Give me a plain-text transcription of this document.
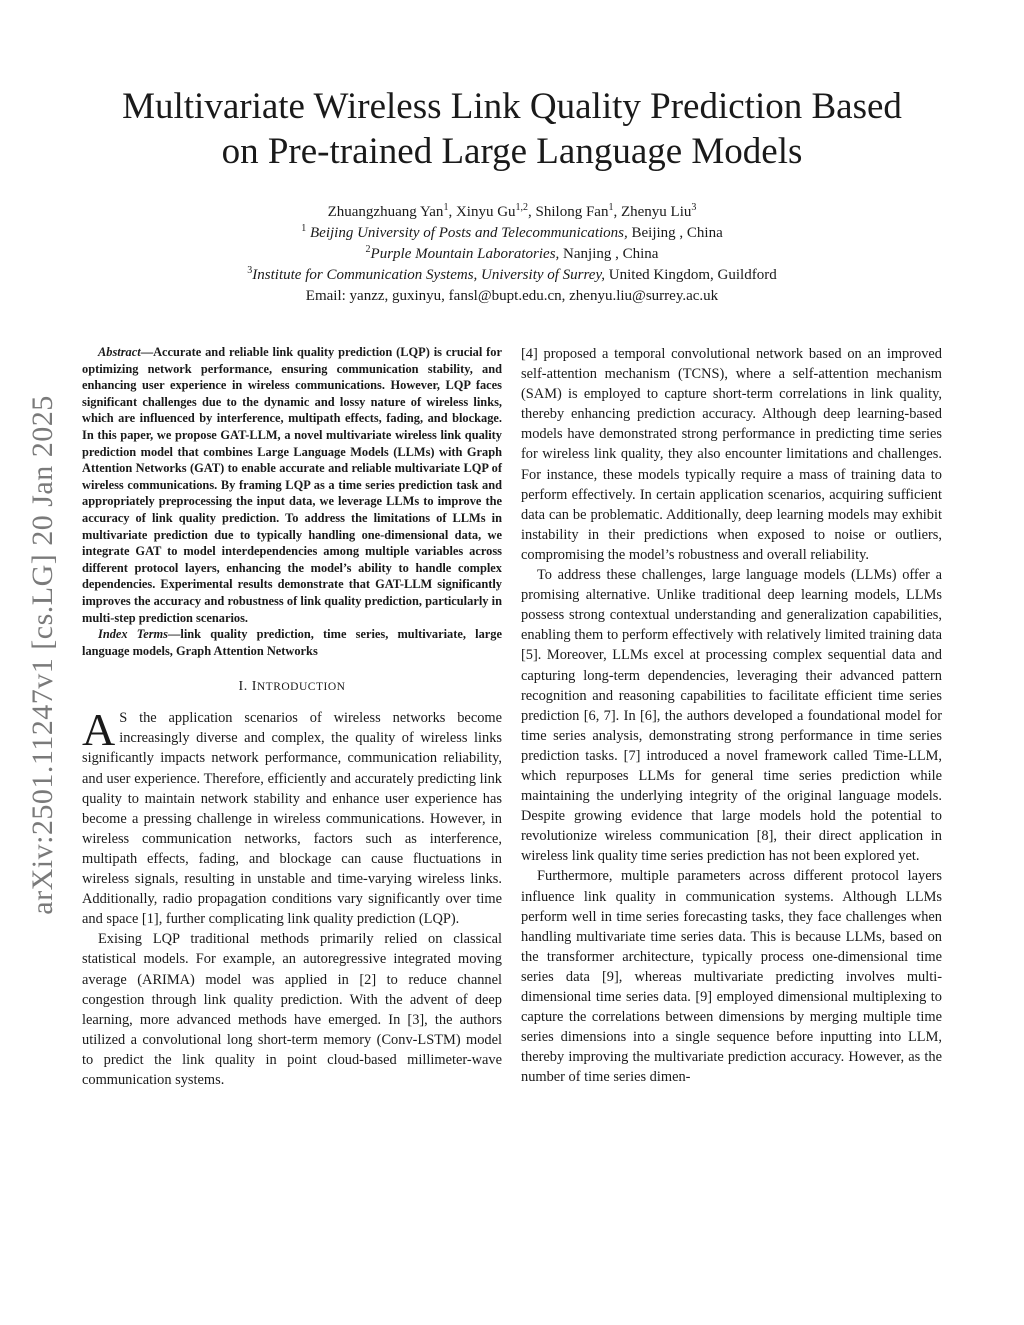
arXiv:2501.11247v1 [cs.LG] 20 Jan 2025
Multivariate Wireless Link Quality Prediction Based
on Pre-trained Large Language Models
Zhuangzhuang Yan$^1$, Xinyu Gu$^{1,2}$, Shilong Fan$^1$, Zhenyu Liu$^3$
$^1$ Beijing University of Posts and Telecommunications, Beijing , China
$^2$Purple Mountain Laboratories, Nanjing , China
$^3$Institute for Communication Systems, University of Surrey, United Kingdom, Guildford
Email: yanzz, guxinyu, fansl@bupt.edu.cn, zhenyu.liu@surrey.ac.uk

Abstract—Accurate and reliable link quality prediction (LQP) is crucial for optimizing network performance, ensuring communication stability, and enhancing user experience in wireless communications. However, LQP faces significant challenges due to the dynamic and lossy nature of wireless links, which are influenced by interference, multipath effects, fading, and blockage. In this paper, we propose GAT-LLM, a novel multivariate wireless link quality prediction model that combines Large Language Models (LLMs) with Graph Attention Networks (GAT) to enable accurate and reliable multivariate LQP of wireless communications. By framing LQP as a time series prediction task and appropriately preprocessing the input data, we leverage LLMs to improve the accuracy of link quality prediction. To address the limitations of LLMs in multivariate prediction due to typically handling one-dimensional data, we integrate GAT to model interdependencies among multiple variables across different protocol layers, enhancing the model’s ability to handle complex dependencies. Experimental results demonstrate that GAT-LLM significantly improves the accuracy and robustness of link quality prediction, particularly in multi-step prediction scenarios.

Index Terms—link quality prediction, time series, multivariate, large language models, Graph Attention Networks

I. INTRODUCTION

A S the application scenarios of wireless networks become increasingly diverse and complex, the quality of wireless links significantly impacts network performance, communication reliability, and user experience. Therefore, efficiently and accurately predicting link quality to maintain network stability and enhance user experience has become a pressing challenge in wireless communications. However, in wireless communication networks, factors such as interference, multipath effects, fading, and blockage can cause fluctuations in wireless signals, resulting in unstable and time-varying wireless links. Additionally, radio propagation conditions vary significantly over time and space [1], further complicating link quality prediction (LQP).

Exising LQP traditional methods primarily relied on classical statistical models. For example, an autoregressive integrated moving average (ARIMA) model was applied in [2] to reduce channel congestion through link quality prediction. With the advent of deep learning, more advanced methods have emerged. In [3], the authors utilized a convolutional long short-term memory (Conv-LSTM) model to predict the link quality in point cloud-based millimeter-wave communication systems.

[4] proposed a temporal convolutional network based on an improved self-attention mechanism (TCNS), where a self-attention mechanism (SAM) is employed to capture short-term correlations in link quality, thereby enhancing prediction accuracy. Although deep learning-based models have demonstrated strong performance in predicting time series for wireless link quality, they also encounter limitations and challenges. For instance, these models typically require a mass of training data to perform effectively. In certain application scenarios, acquiring sufficient data can be problematic. Additionally, deep learning models may exhibit instability in their predictions when exposed to noise or outliers, compromising the model’s robustness and overall reliability.

To address these challenges, large language models (LLMs) offer a promising alternative. Unlike traditional deep learning models, LLMs possess strong contextual understanding and generalization capabilities, enabling them to perform effectively with relatively limited training data [5]. Moreover, LLMs excel at processing complex sequential data and capturing long-term dependencies, leveraging their advanced pattern recognition and reasoning capabilities to facilitate efficient time series prediction [6, 7]. In [6], the authors developed a foundational model for time series analysis, demonstrating strong performance in time series prediction tasks. [7] introduced a novel framework called Time-LLM, which repurposes LLMs for general time series prediction while maintaining the underlying integrity of the original language models. Despite growing evidence that large models hold the potential to revolutionize wireless communication [8], their direct application in wireless link quality time series prediction has not been explored yet.

Furthermore, multiple parameters across different protocol layers influence link quality in communication systems. Although LLMs perform well in time series forecasting tasks, they face challenges when handling multivariate time series data. This is because LLMs, based on the transformer architecture, typically process one-dimensional time series data [9], whereas multivariate predicting involves multi-dimensional time series data. [9] employed dimensional multiplexing to capture the correlations between dimensions by merging multiple time series dimensions into a single sequence before inputting into LLM, thereby improving the multivariate prediction accuracy. However, as the number of time series dimen-
